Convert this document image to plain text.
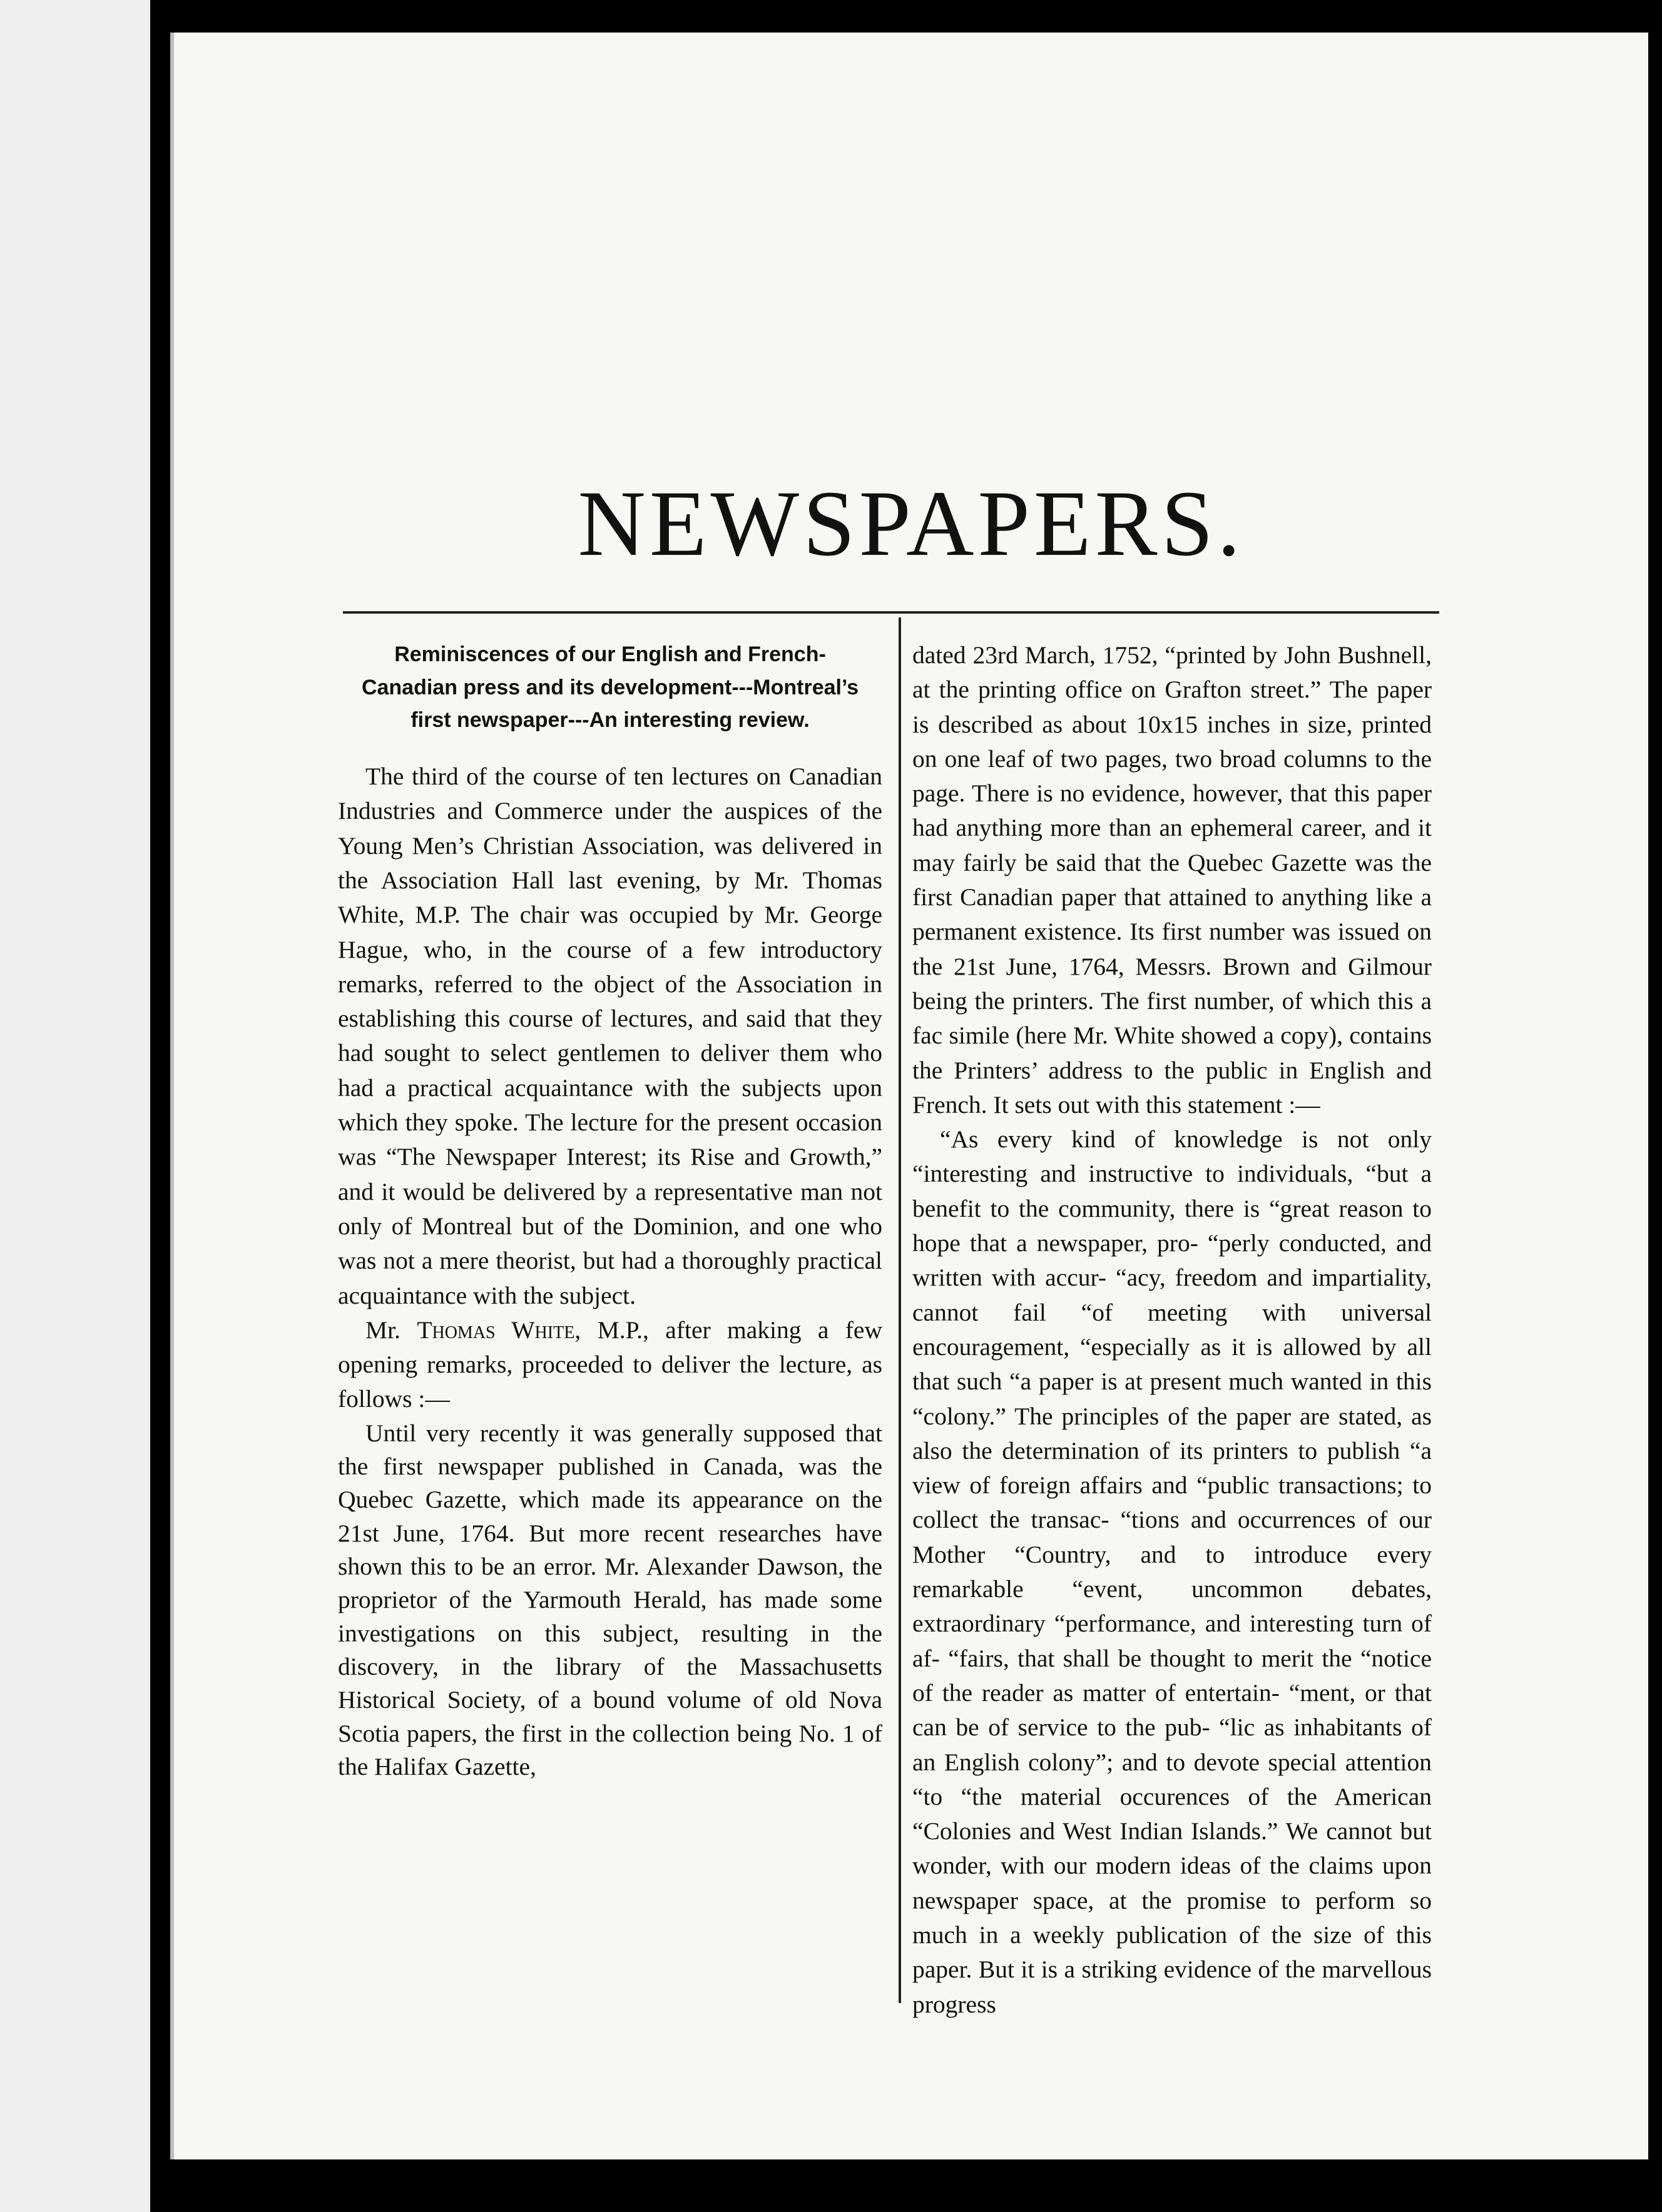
NEWSPAPERS.
Reminiscences of our English and French-Canadian press and its development---Montreal’s first newspaper---An interesting review.

The third of the course of ten lectures on Canadian Industries and Commerce under the auspices of the Young Men’s Christian Association, was delivered in the Association Hall last evening, by Mr. Thomas White, M.P. The chair was occupied by Mr. George Hague, who, in the course of a few introductory remarks, referred to the object of the Association in establishing this course of lectures, and said that they had sought to select gentlemen to deliver them who had a practical acquaintance with the subjects upon which they spoke. The lecture for the present occasion was “The Newspaper Interest; its Rise and Growth,” and it would be delivered by a representative man not only of Montreal but of the Dominion, and one who was not a mere theorist, but had a thoroughly practical acquaintance with the subject.

Mr. Thomas White, M.P., after making a few opening remarks, proceeded to deliver the lecture, as follows :—

Until very recently it was generally supposed that the first newspaper published in Canada, was the Quebec Gazette, which made its appearance on the 21st June, 1764. But more recent researches have shown this to be an error. Mr. Alexander Dawson, the proprietor of the Yarmouth Herald, has made some investigations on this subject, resulting in the discovery, in the library of the Massachusetts Historical Society, of a bound volume of old Nova Scotia papers, the first in the collection being No. 1 of the Halifax Gazette,

dated 23rd March, 1752, “printed by John Bushnell, at the printing office on Grafton street.” The paper is described as about 10x15 inches in size, printed on one leaf of two pages, two broad columns to the page. There is no evidence, however, that this paper had anything more than an ephemeral career, and it may fairly be said that the Quebec Gazette was the first Canadian paper that attained to anything like a permanent existence. Its first number was issued on the 21st June, 1764, Messrs. Brown and Gilmour being the printers. The first number, of which this a fac simile (here Mr. White showed a copy), contains the Printers’ address to the public in English and French. It sets out with this statement :—

“As every kind of knowledge is not only “interesting and instructive to individuals, “but a benefit to the community, there is “great reason to hope that a newspaper, pro- “perly conducted, and written with accur- “acy, freedom and impartiality, cannot fail “of meeting with universal encouragement, “especially as it is allowed by all that such “a paper is at present much wanted in this “colony.” The principles of the paper are stated, as also the determination of its printers to publish “a view of foreign affairs and “public transactions; to collect the transac- “tions and occurrences of our Mother “Country, and to introduce every remarkable “event, uncommon debates, extraordinary “performance, and interesting turn of af- “fairs, that shall be thought to merit the “notice of the reader as matter of entertain- “ment, or that can be of service to the pub- “lic as inhabitants of an English colony”; and to devote special attention “to “the material occurences of the American “Colonies and West Indian Islands.” We cannot but wonder, with our modern ideas of the claims upon newspaper space, at the promise to perform so much in a weekly publication of the size of this paper. But it is a striking evidence of the marvellous progress
